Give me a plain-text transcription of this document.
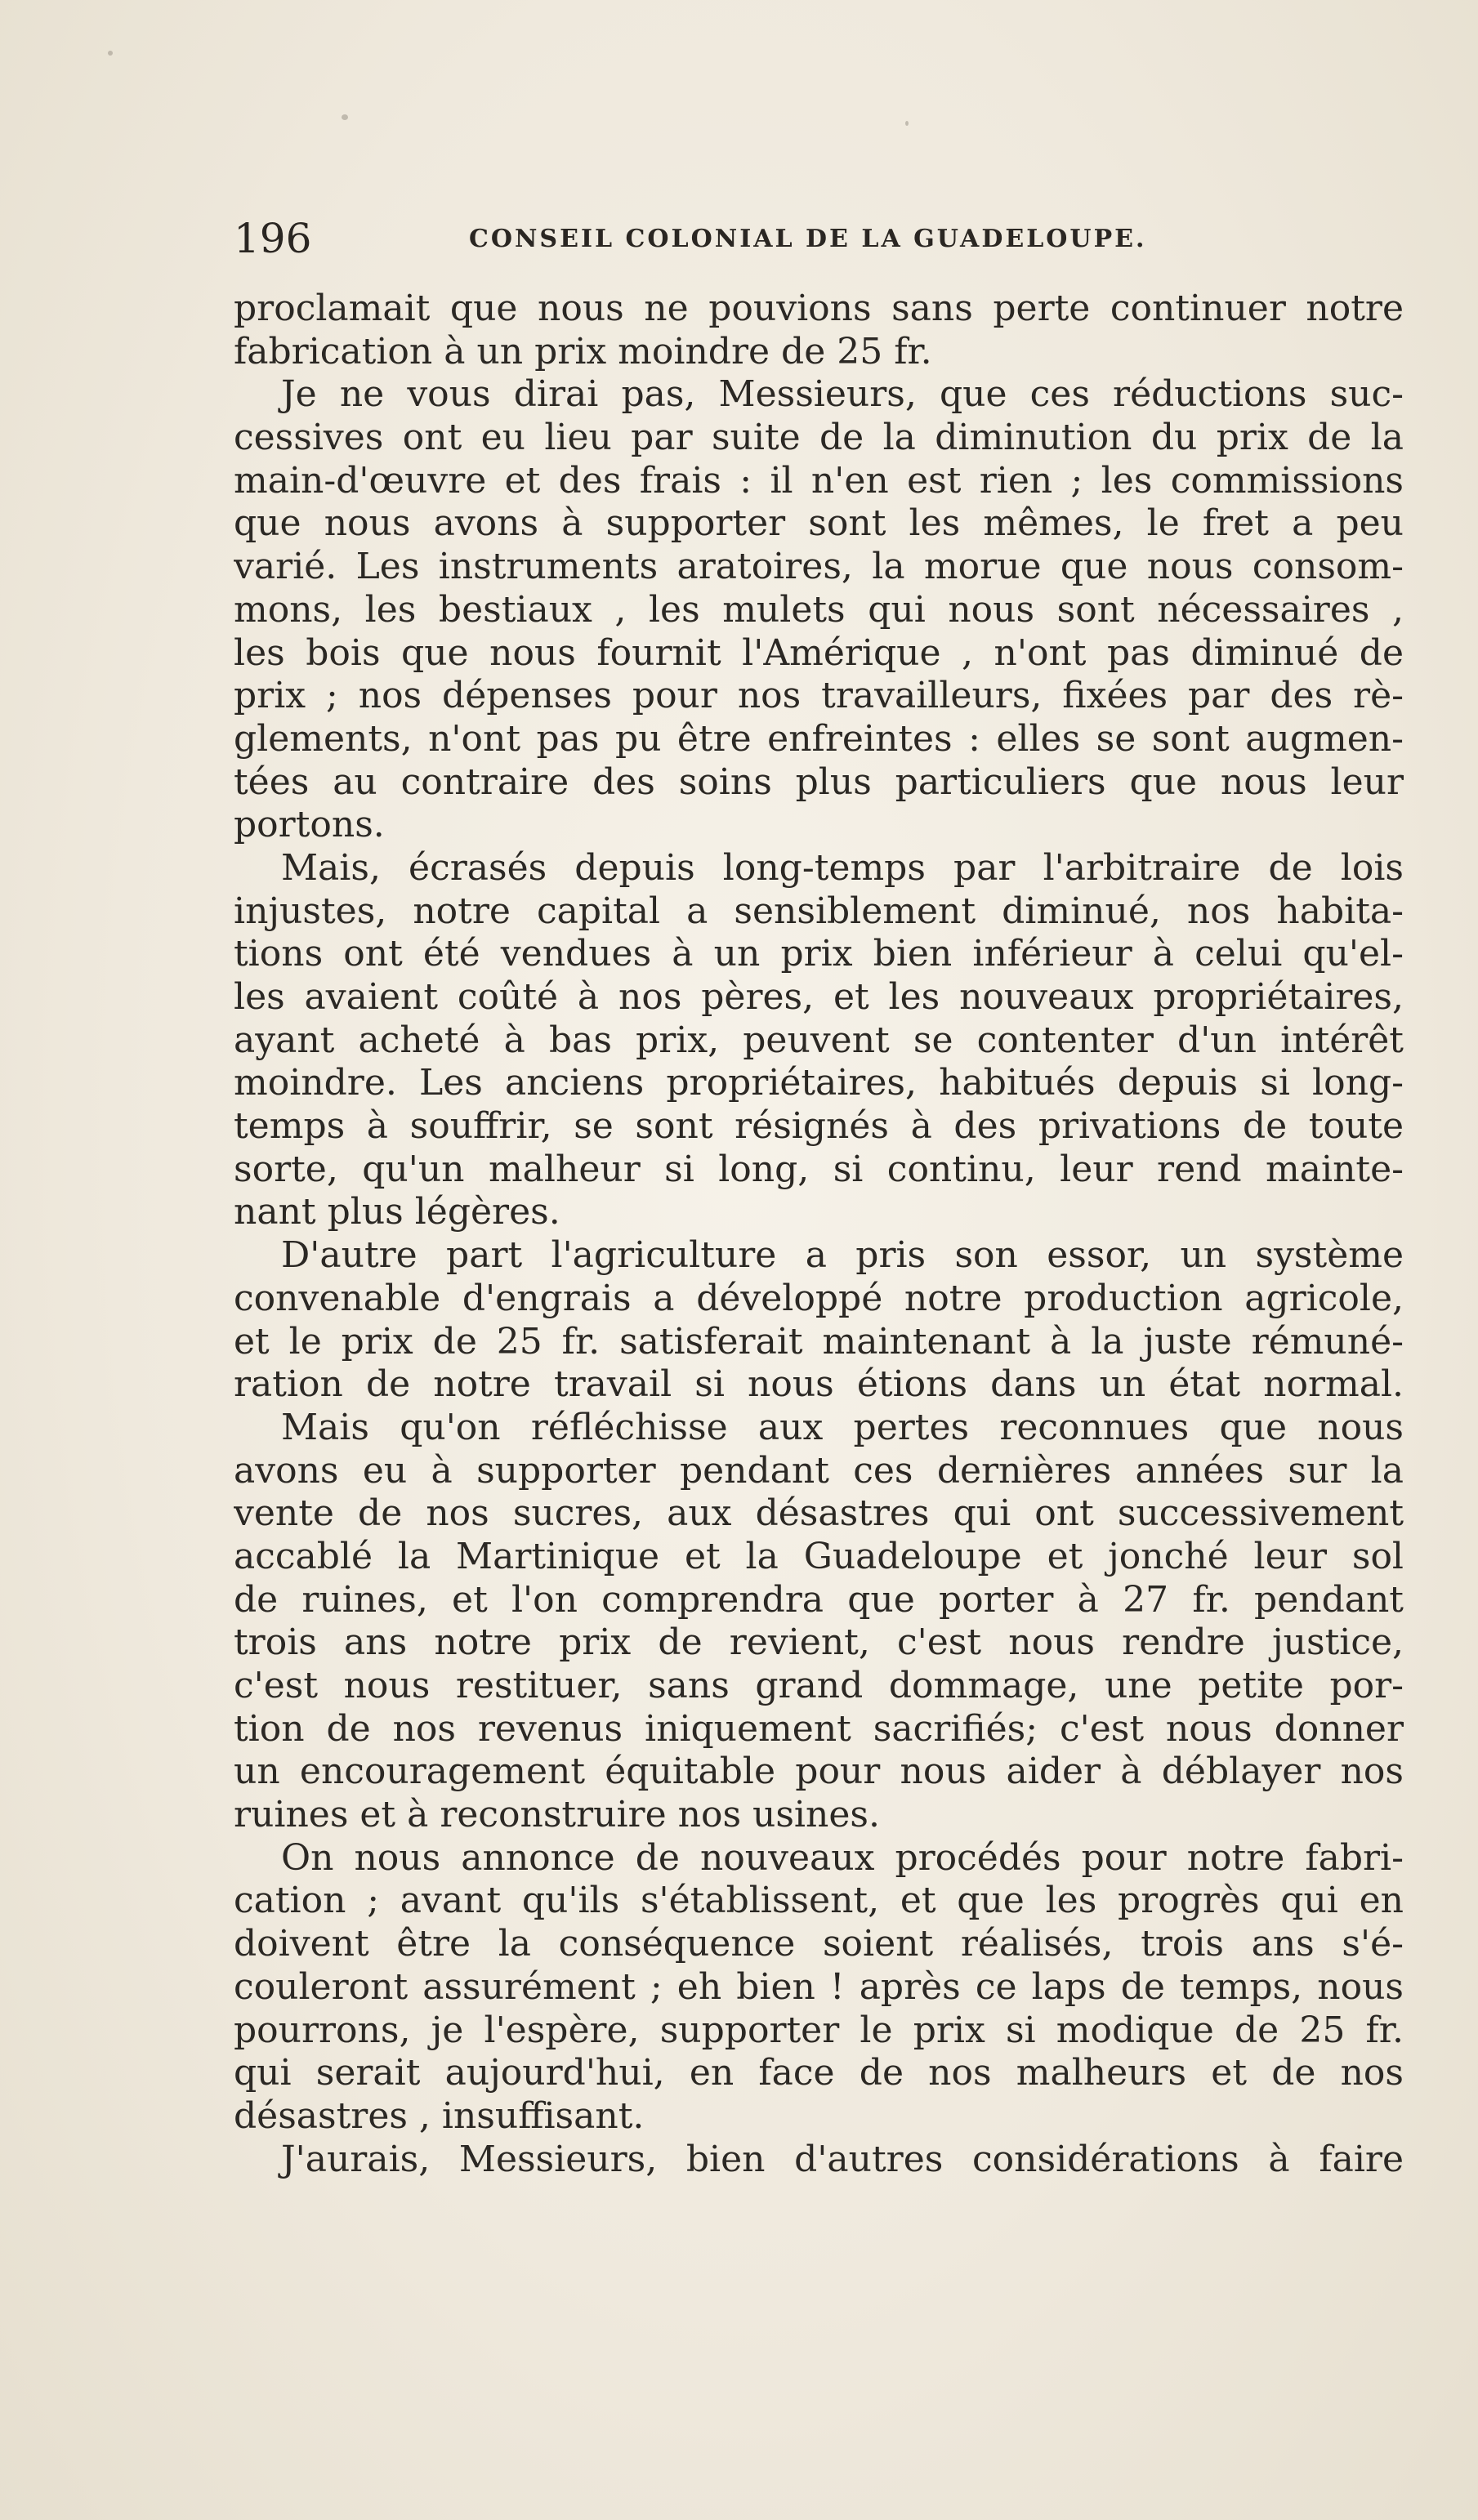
196	CONSEIL COLONIAL DE LA GUADELOUPE.
proclamait que nous ne pouvions sans perte continuer notre
fabrication à un prix moindre de 25 fr.
Je ne vous dirai pas, Messieurs, que ces réductions suc-
cessives ont eu lieu par suite de la diminution du prix de la
main-d'œuvre et des frais : il n'en est rien ; les commissions
que nous avons à supporter sont les mêmes, le fret a peu
varié. Les instruments aratoires, la morue que nous consom-
mons, les bestiaux , les mulets qui nous sont nécessaires ,
les bois que nous fournit l'Amérique , n'ont pas diminué de
prix ; nos dépenses pour nos travailleurs, fixées par des rè-
glements, n'ont pas pu être enfreintes : elles se sont augmen-
tées au contraire des soins plus particuliers que nous leur
portons.
Mais, écrasés depuis long-temps par l'arbitraire de lois
injustes, notre capital a sensiblement diminué, nos habita-
tions ont été vendues à un prix bien inférieur à celui qu'el-
les avaient coûté à nos pères, et les nouveaux propriétaires,
ayant acheté à bas prix, peuvent se contenter d'un intérêt
moindre. Les anciens propriétaires, habitués depuis si long-
temps à souffrir, se sont résignés à des privations de toute
sorte, qu'un malheur si long, si continu, leur rend mainte-
nant plus légères.
D'autre part l'agriculture a pris son essor, un système
convenable d'engrais a développé notre production agricole,
et le prix de 25 fr. satisferait maintenant à la juste rémuné-
ration de notre travail si nous étions dans un état normal.
Mais qu'on réfléchisse aux pertes reconnues que nous
avons eu à supporter pendant ces dernières années sur la
vente de nos sucres, aux désastres qui ont successivement
accablé la Martinique et la Guadeloupe et jonché leur sol
de ruines, et l'on comprendra que porter à 27 fr. pendant
trois ans notre prix de revient, c'est nous rendre justice,
c'est nous restituer, sans grand dommage, une petite por-
tion de nos revenus iniquement sacrifiés; c'est nous donner
un encouragement équitable pour nous aider à déblayer nos
ruines et à reconstruire nos usines.
On nous annonce de nouveaux procédés pour notre fabri-
cation ; avant qu'ils s'établissent, et que les progrès qui en
doivent être la conséquence soient réalisés, trois ans s'é-
couleront assurément ; eh bien ! après ce laps de temps, nous
pourrons, je l'espère, supporter le prix si modique de 25 fr.
qui serait aujourd'hui, en face de nos malheurs et de nos
désastres , insuffisant.
J'aurais, Messieurs, bien d'autres considérations à faire
